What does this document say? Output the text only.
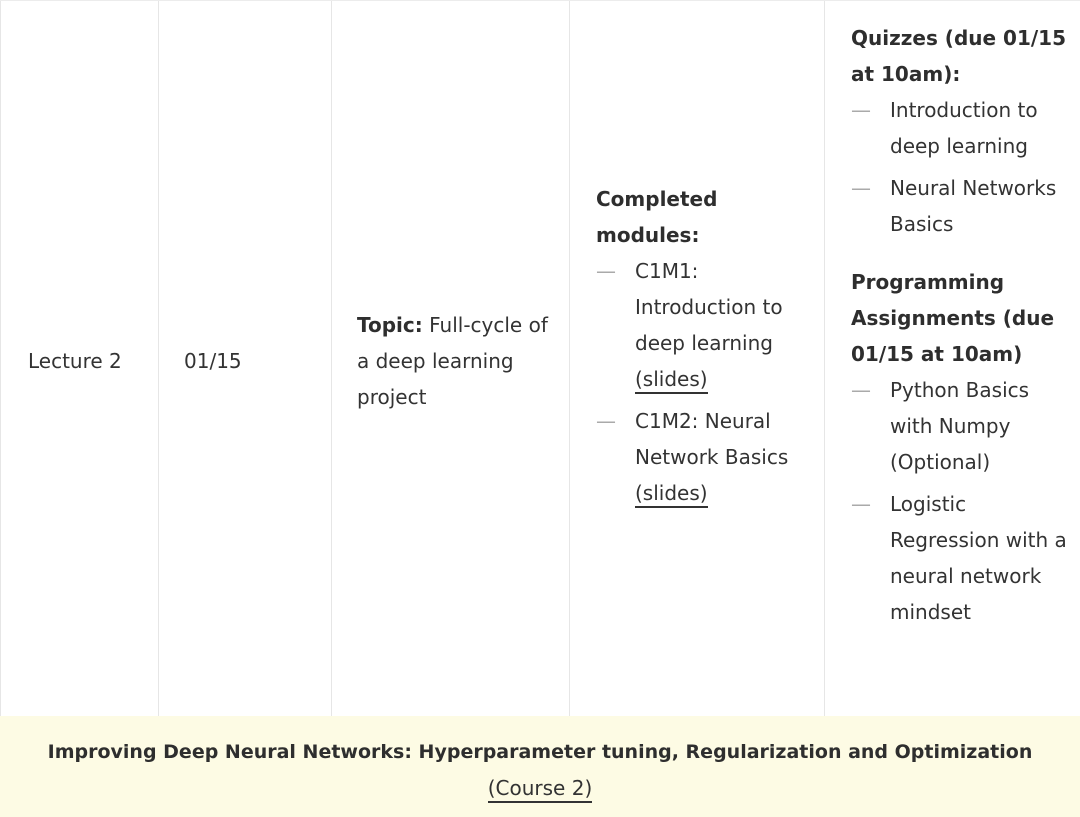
Lecture 2	01/15
Topic: Full-cycle of a deep learning project
Completed modules:
— C1M1: Introduction to deep learning (slides)
— C1M2: Neural Network Basics (slides)
Quizzes (due 01/15 at 10am):
— Introduction to deep learning
— Neural Networks Basics
Programming Assignments (due 01/15 at 10am)
— Python Basics with Numpy (Optional)
— Logistic Regression with a neural network mindset
Improving Deep Neural Networks: Hyperparameter tuning, Regularization and Optimization
(Course 2)
